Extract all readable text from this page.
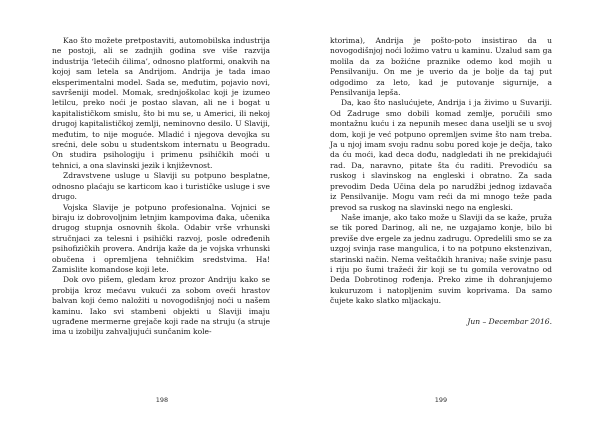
Kao što možete pretpostaviti, automobilska industrija ne postoji, ali se zadnjih godina sve više razvija industrija ‘letećih ćilima’, odnosno platformi, onakvih na kojoj sam letela sa Andrijom. Andrija je tada imao eksperimentalni model. Sada se, međutim, pojavio novi, savršeniji model. Momak, srednjoškolac koji je izumeo letilcu, preko noći je postao slavan, ali ne i bogat u kapitalističkom smislu, što bi mu se, u Americi, ili nekoj drugoj kapitalističkoj zemlji, neminovno desilo. U Slaviji, međutim, to nije moguće. Mladić i njegova devojka su srećni, dele sobu u studentskom internatu u Beogradu. On studira psihologiju i primenu psihičkih moći u tehnici, a ona slavinski jezik i književnost.

Zdravstvene usluge u Slaviji su potpuno besplatne, odnosno plaćaju se karticom kao i turističke usluge i sve drugo.

Vojska Slavije je potpuno profesionalna. Vojnici se biraju iz dobrovoljnim letnjim kampovima đaka, učenika drugog stupnja osnovnih škola. Odabir vrše vrhunski stručnjaci za telesni i psihički razvoj, posle određenih psihofizičkih provera. Andrija kaže da je vojska vrhunski obučena i opremljena tehničkim sredstvima. Ha! Zamislite komandose koji lete.

Dok ovo pišem, gledam kroz prozor Andriju kako se probija kroz mećavu vukući za sobom oveći hrastov balvan koji ćemo naložiti u novogodišnjoj noći u našem kaminu. Iako svi stambeni objekti u Slaviji imaju ugrađene mermerne grejače koji rade na struju (a struje ima u izobilju zahvaljujući sunčanim kole-

198

ktorima), Andrija je pošto-poto insistirao da u novogodišnjoj noći ložimo vatru u kaminu. Uzalud sam ga molila da za božićne praznike odemo kod mojih u Pensilvaniju. On me je uverio da je bolje da taj put odgodimo za leto, kad je putovanje sigurnije, a Pensilvanija lepša.

Da, kao što naslućujete, Andrija i ja živimo u Suvariji. Od Zadruge smo dobili komad zemlje, poručili smo montažnu kuću i za nepunih mesec dana useljli se u svoj dom, koji je već potpuno opremljen svime što nam treba. Ja u njoj imam svoju radnu sobu pored koje je dečja, tako da ću moći, kad deca dođu, nadgledati ih ne prekidajući rad. Da, naravno, pitate šta ću raditi. Prevodiću sa ruskog i slavinskog na engleski i obratno. Za sada prevodim Deda Učina dela po narudžbi jednog izdavača iz Pensilvanije. Mogu vam reći da mi mnogo teže pada prevod sa ruskog na slavinski nego na engleski.

Naše imanje, ako tako može u Slaviji da se kaže, pruža se tik pored Darinog, ali ne, ne uzgajamo konje, bilo bi previše dve ergele za jednu zadrugu. Opredelili smo se za uzgoj svinja rase mangulica, i to na potpuno ekstenzivan, starinski način. Nema veštačkih hraniva; naše svinje pasu i riju po šumi tražeći žir koji se tu gomila verovatno od Deda Dobrotinog rođenja. Preko zime ih dohranjujemo kukuruzom i natopljenim suvim koprivama. Da samo čujete kako slatko mljackaju.

Jun – Decembar 2016.

199
